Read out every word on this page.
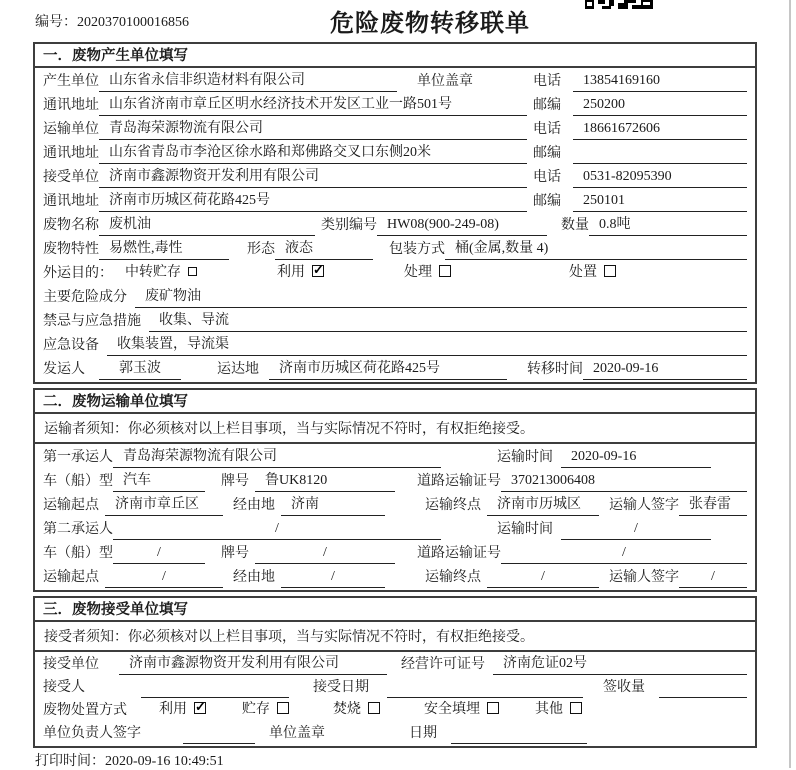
编号：2020370100016856	危险废物转移联单
一．废物产生单位填写
产生单位 山东省永信非织造材料有限公司	单位盖章	电话	13854169160
通讯地址 山东省济南市章丘区明水经济技术开发区工业一路501号	邮编	250200
运输单位 青岛海荣源物流有限公司	电话	18661672606
通讯地址 山东省青岛市李沧区徐水路和郑佛路交叉口东侧20米	邮编
接受单位 济南市鑫源物资开发利用有限公司	电话	0531-82095390
通讯地址 济南市历城区荷花路425号	邮编	250101
废物名称 废机油	类别编号 HW08(900-249-08)	数量 0.8吨
废物特性 易燃性,毒性	形态 液态	包装方式 桶(金属,数量 4)
外运目的： 中转贮存	利用 ✓	处理	处置
主要危险成分	废矿物油
禁忌与应急措施	收集、导流
应急设备	收集装置，导流渠
发运人	郭玉波	运达地	济南市历城区荷花路425号	转移时间 2020-09-16
二．废物运输单位填写
运输者须知：你必须核对以上栏目事项，当与实际情况不符时，有权拒绝接受。
第一承运人 青岛海荣源物流有限公司	运输时间	2020-09-16
车（船）型 汽车	牌号	鲁UK8120	道路运输证号 370213006408
运输起点	济南市章丘区	经由地	济南	运输终点	济南市历城区	运输人签字 张春雷
第二承运人	/	运输时间	/
车（船）型	/	牌号	/	道路运输证号	/
运输起点	/	经由地	/	运输终点	/	运输人签字	/
三．废物接受单位填写
接受者须知：你必须核对以上栏目事项，当与实际情况不符时，有权拒绝接受。
接受单位	济南市鑫源物资开发利用有限公司	经营许可证号	济南危证02号
接受人	接受日期	签收量
废物处置方式 利用 ✓	贮存	焚烧	安全填埋	其他
单位负责人签字	单位盖章	日期
打印时间：2020-09-16 10:49:51
